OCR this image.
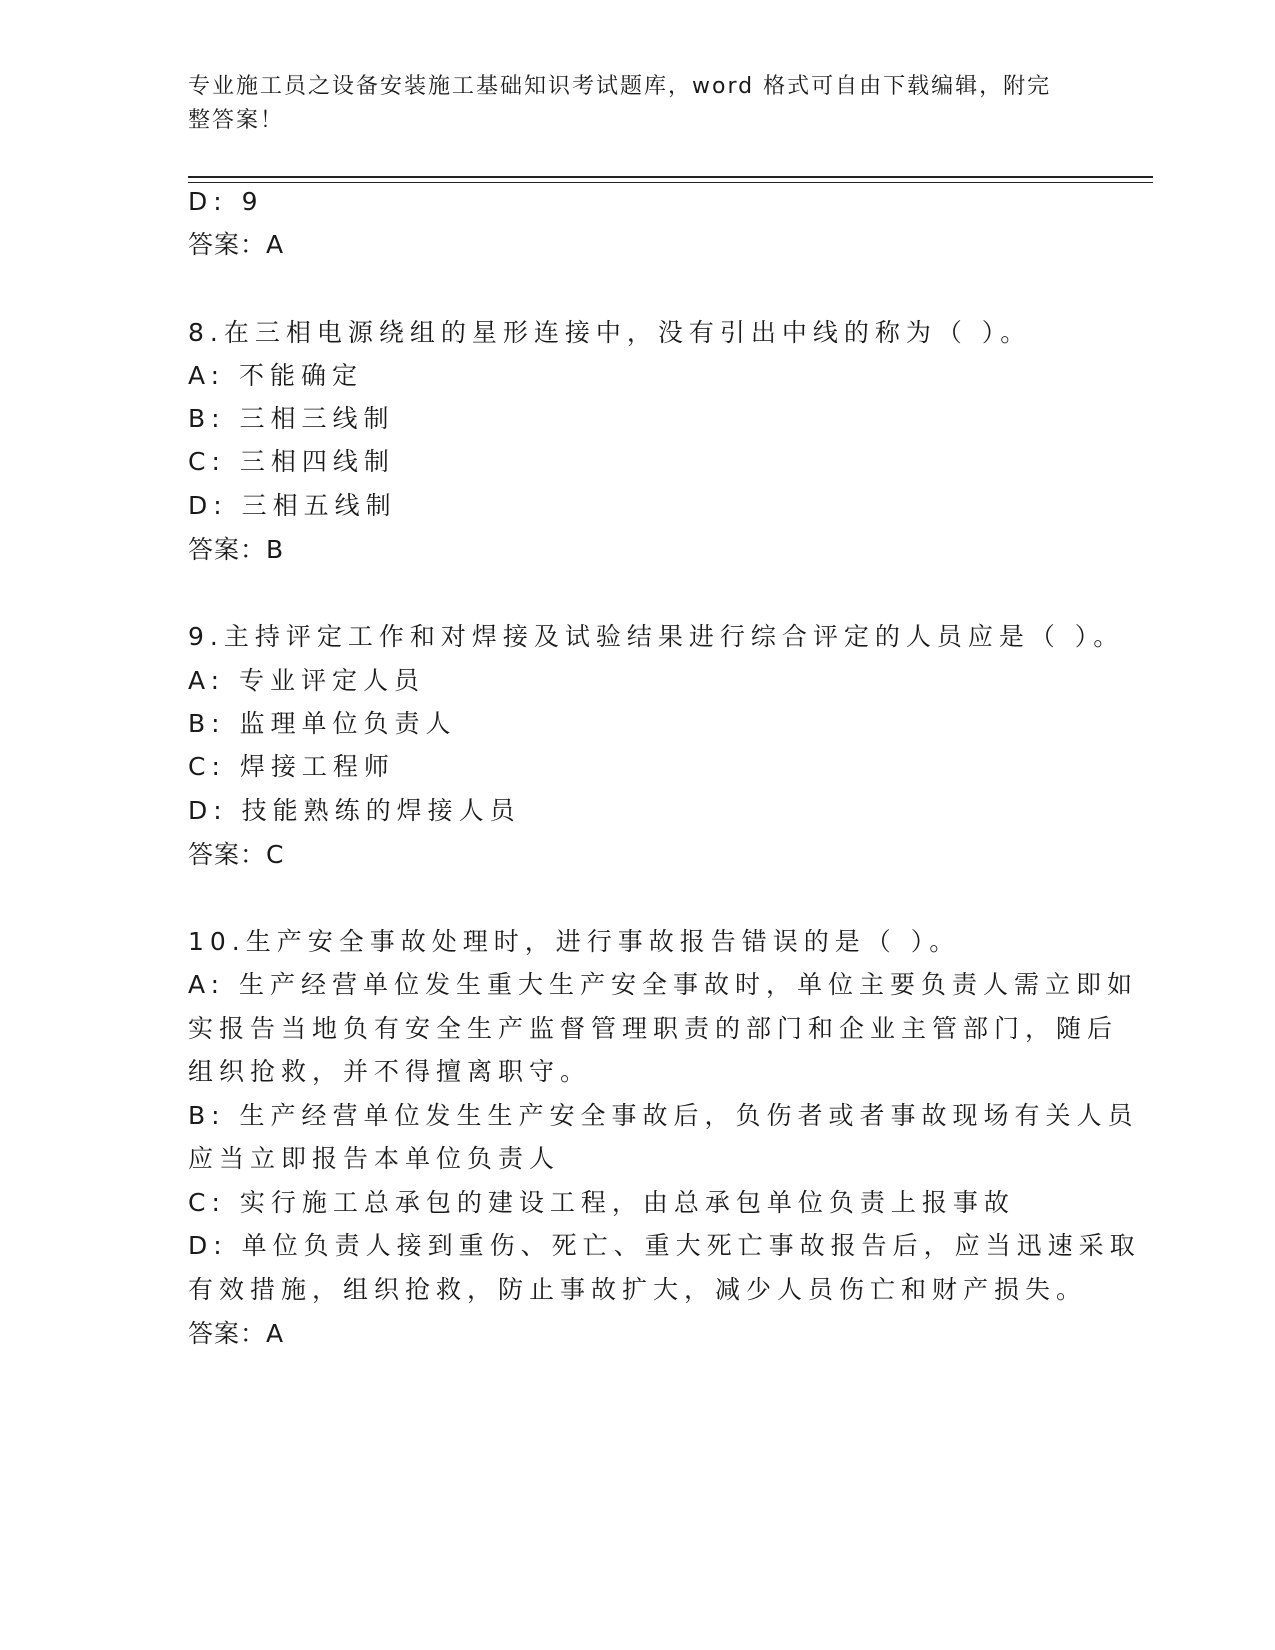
专业施工员之设备安装施工基础知识考试题库，word 格式可自由下载编辑，附完
整答案！
D: 9
答案：A
8.在三相电源绕组的星形连接中，没有引出中线的称为（ ）。
A: 不能确定
B: 三相三线制
C: 三相四线制
D: 三相五线制
答案：B
9.主持评定工作和对焊接及试验结果进行综合评定的人员应是（ ）。
A: 专业评定人员
B: 监理单位负责人
C: 焊接工程师
D: 技能熟练的焊接人员
答案：C
10.生产安全事故处理时，进行事故报告错误的是（ ）。
A: 生产经营单位发生重大生产安全事故时，单位主要负责人需立即如
实报告当地负有安全生产监督管理职责的部门和企业主管部门，随后
组织抢救，并不得擅离职守。
B: 生产经营单位发生生产安全事故后，负伤者或者事故现场有关人员
应当立即报告本单位负责人
C: 实行施工总承包的建设工程，由总承包单位负责上报事故
D: 单位负责人接到重伤、死亡、重大死亡事故报告后，应当迅速采取
有效措施，组织抢救，防止事故扩大，减少人员伤亡和财产损失。
答案：A
